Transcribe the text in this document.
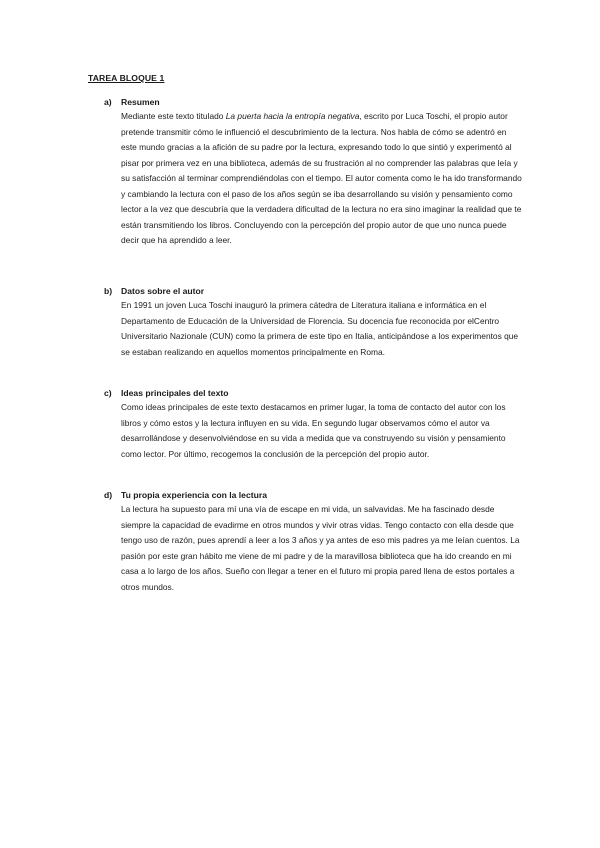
TAREA BLOQUE 1
a)	Resumen
Mediante este texto titulado La puerta hacia la entropía negativa, escrito por Luca Toschi, el propio autor pretende transmitir cómo le influenció el descubrimiento de la lectura. Nos habla de cómo se adentró en este mundo gracias a la afición de su padre por la lectura, expresando todo lo que sintió y experimentó al pisar por primera vez en una biblioteca, además de su frustración al no comprender las palabras que leía y su satisfacción al terminar comprendiéndolas con el tiempo. El autor comenta como le ha ido transformando y cambiando la lectura con el paso de los años según se iba desarrollando su visión y pensamiento como lector a la vez que descubría que la verdadera dificultad de la lectura no era sino imaginar la realidad que te están transmitiendo los libros. Concluyendo con la percepción del propio autor de que uno nunca puede decir que ha aprendido a leer.
b)	Datos sobre el autor
En 1991 un joven Luca Toschi inauguró la primera cátedra de Literatura italiana e informática en el Departamento de Educación de la Universidad de Florencia. Su docencia fue reconocida por elCentro Universitario Nazionale (CUN) como la primera de este tipo en Italia, anticipándose a los experimentos que se estaban realizando en aquellos momentos principalmente en Roma.
c)	Ideas principales del texto
Como ideas principales de este texto destacamos en primer lugar, la toma de contacto del autor con los libros y cómo estos y la lectura influyen en su vida. En segundo lugar observamos cómo el autor va desarrollándose y desenvolviéndose en su vida a medida que va construyendo su visión y pensamiento como lector. Por último, recogemos la conclusión de la percepción del propio autor.
d)	Tu propia experiencia con la lectura
La lectura ha supuesto para mí una vía de escape en mi vida, un salvavidas. Me ha fascinado desde siempre la capacidad de evadirme en otros mundos y vivir otras vidas. Tengo contacto con ella desde que tengo uso de razón, pues aprendí a leer a los 3 años y ya antes de eso mis padres ya me leían cuentos. La pasión por este gran hábito me viene de mi padre y de la maravillosa biblioteca que ha ido creando en mi casa a lo largo de los años. Sueño con llegar a tener en el futuro mi propia pared llena de estos portales a otros mundos.
